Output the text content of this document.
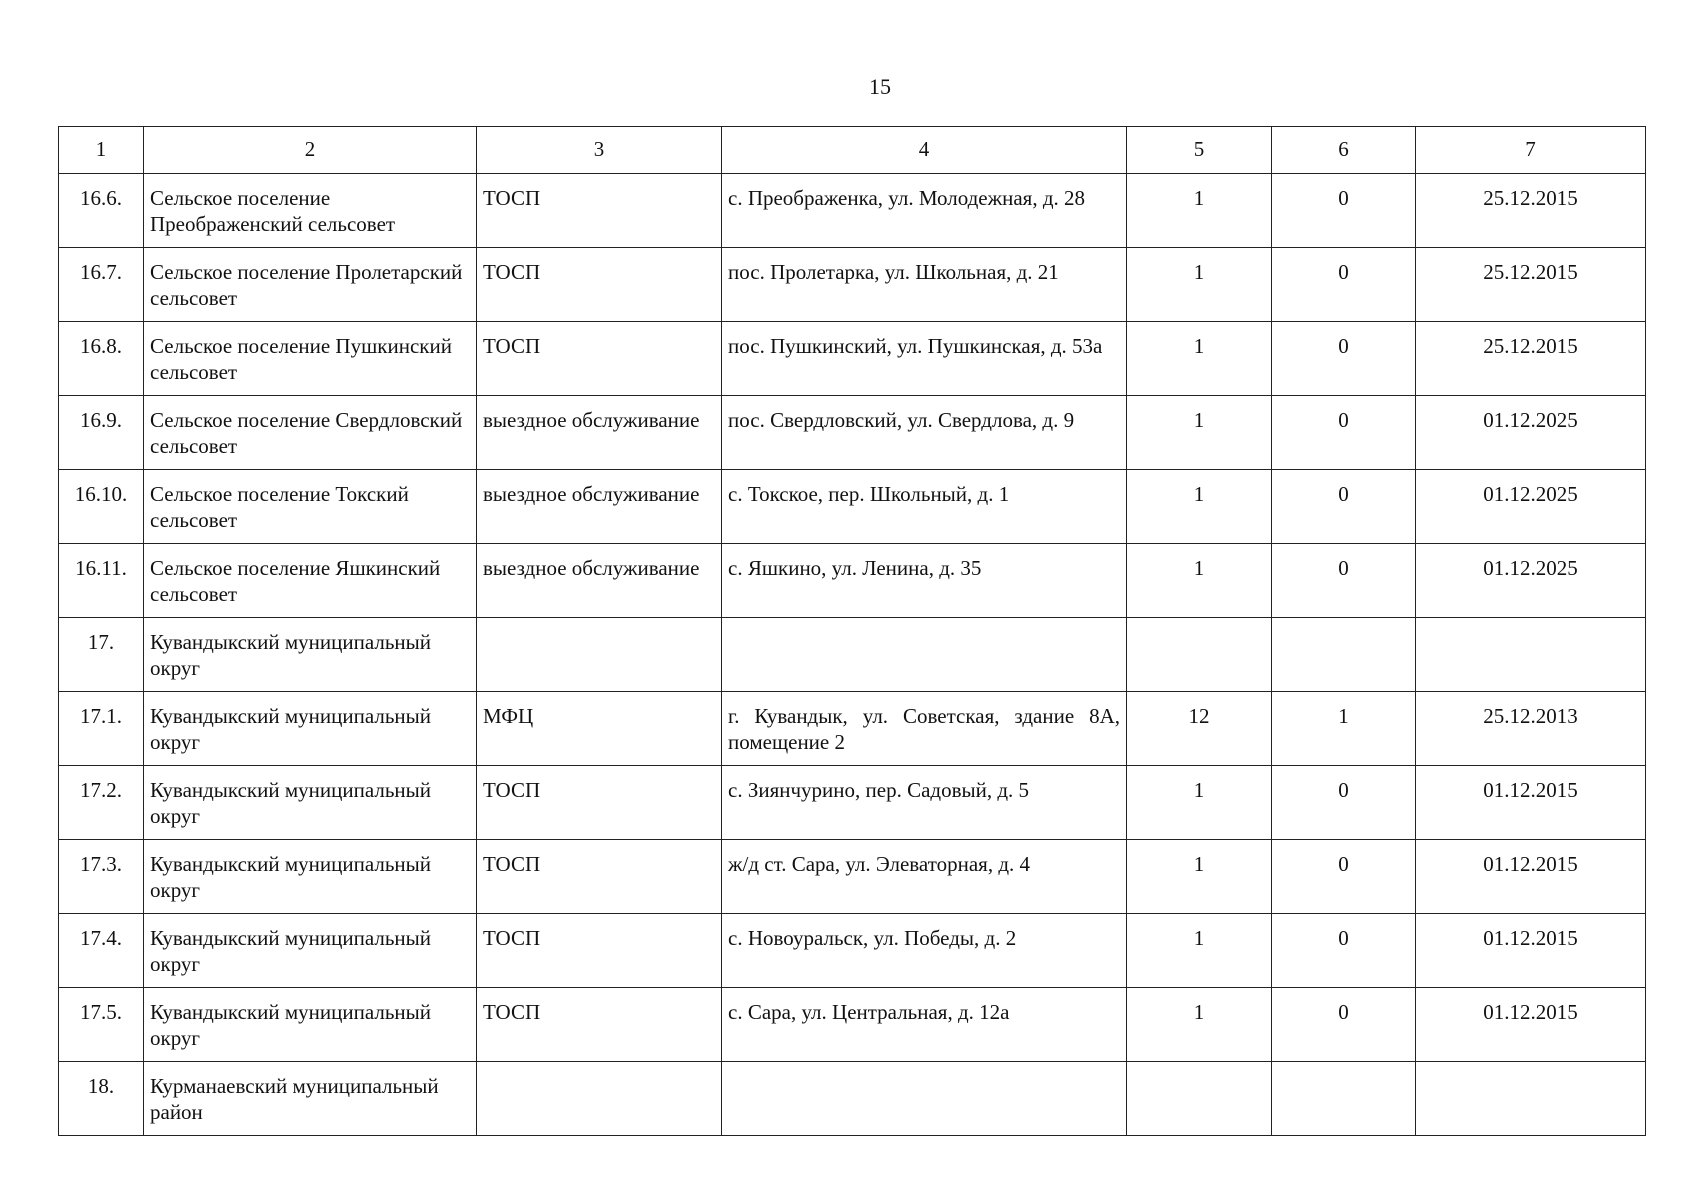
15
1	2	3	4	5	6	7
16.6.	Сельское поселение Преображенский сельсовет	ТОСП	с. Преображенка, ул. Молодежная, д. 28	1	0	25.12.2015
16.7.	Сельское поселение Пролетарский сельсовет	ТОСП	пос. Пролетарка, ул. Школьная, д. 21	1	0	25.12.2015
16.8.	Сельское поселение Пушкинский сельсовет	ТОСП	пос. Пушкинский, ул. Пушкинская, д. 53а	1	0	25.12.2015
16.9.	Сельское поселение Свердловский сельсовет	выездное обслуживание	пос. Свердловский, ул. Свердлова, д. 9	1	0	01.12.2025
16.10.	Сельское поселение Токский сельсовет	выездное обслуживание	с. Токское, пер. Школьный, д. 1	1	0	01.12.2025
16.11.	Сельское поселение Яшкинский сельсовет	выездное обслуживание	с. Яшкино, ул. Ленина, д. 35	1	0	01.12.2025
17.	Кувандыкский муниципальный округ					
17.1.	Кувандыкский муниципальный округ	МФЦ	г. Кувандык, ул. Советская, здание 8А, помещение 2	12	1	25.12.2013
17.2.	Кувандыкский муниципальный округ	ТОСП	с. Зиянчурино, пер. Садовый, д. 5	1	0	01.12.2015
17.3.	Кувандыкский муниципальный округ	ТОСП	ж/д ст. Сара, ул. Элеваторная, д. 4	1	0	01.12.2015
17.4.	Кувандыкский муниципальный округ	ТОСП	с. Новоуральск, ул. Победы, д. 2	1	0	01.12.2015
17.5.	Кувандыкский муниципальный округ	ТОСП	с. Сара, ул. Центральная, д. 12а	1	0	01.12.2015
18.	Курманаевский муниципальный район					
